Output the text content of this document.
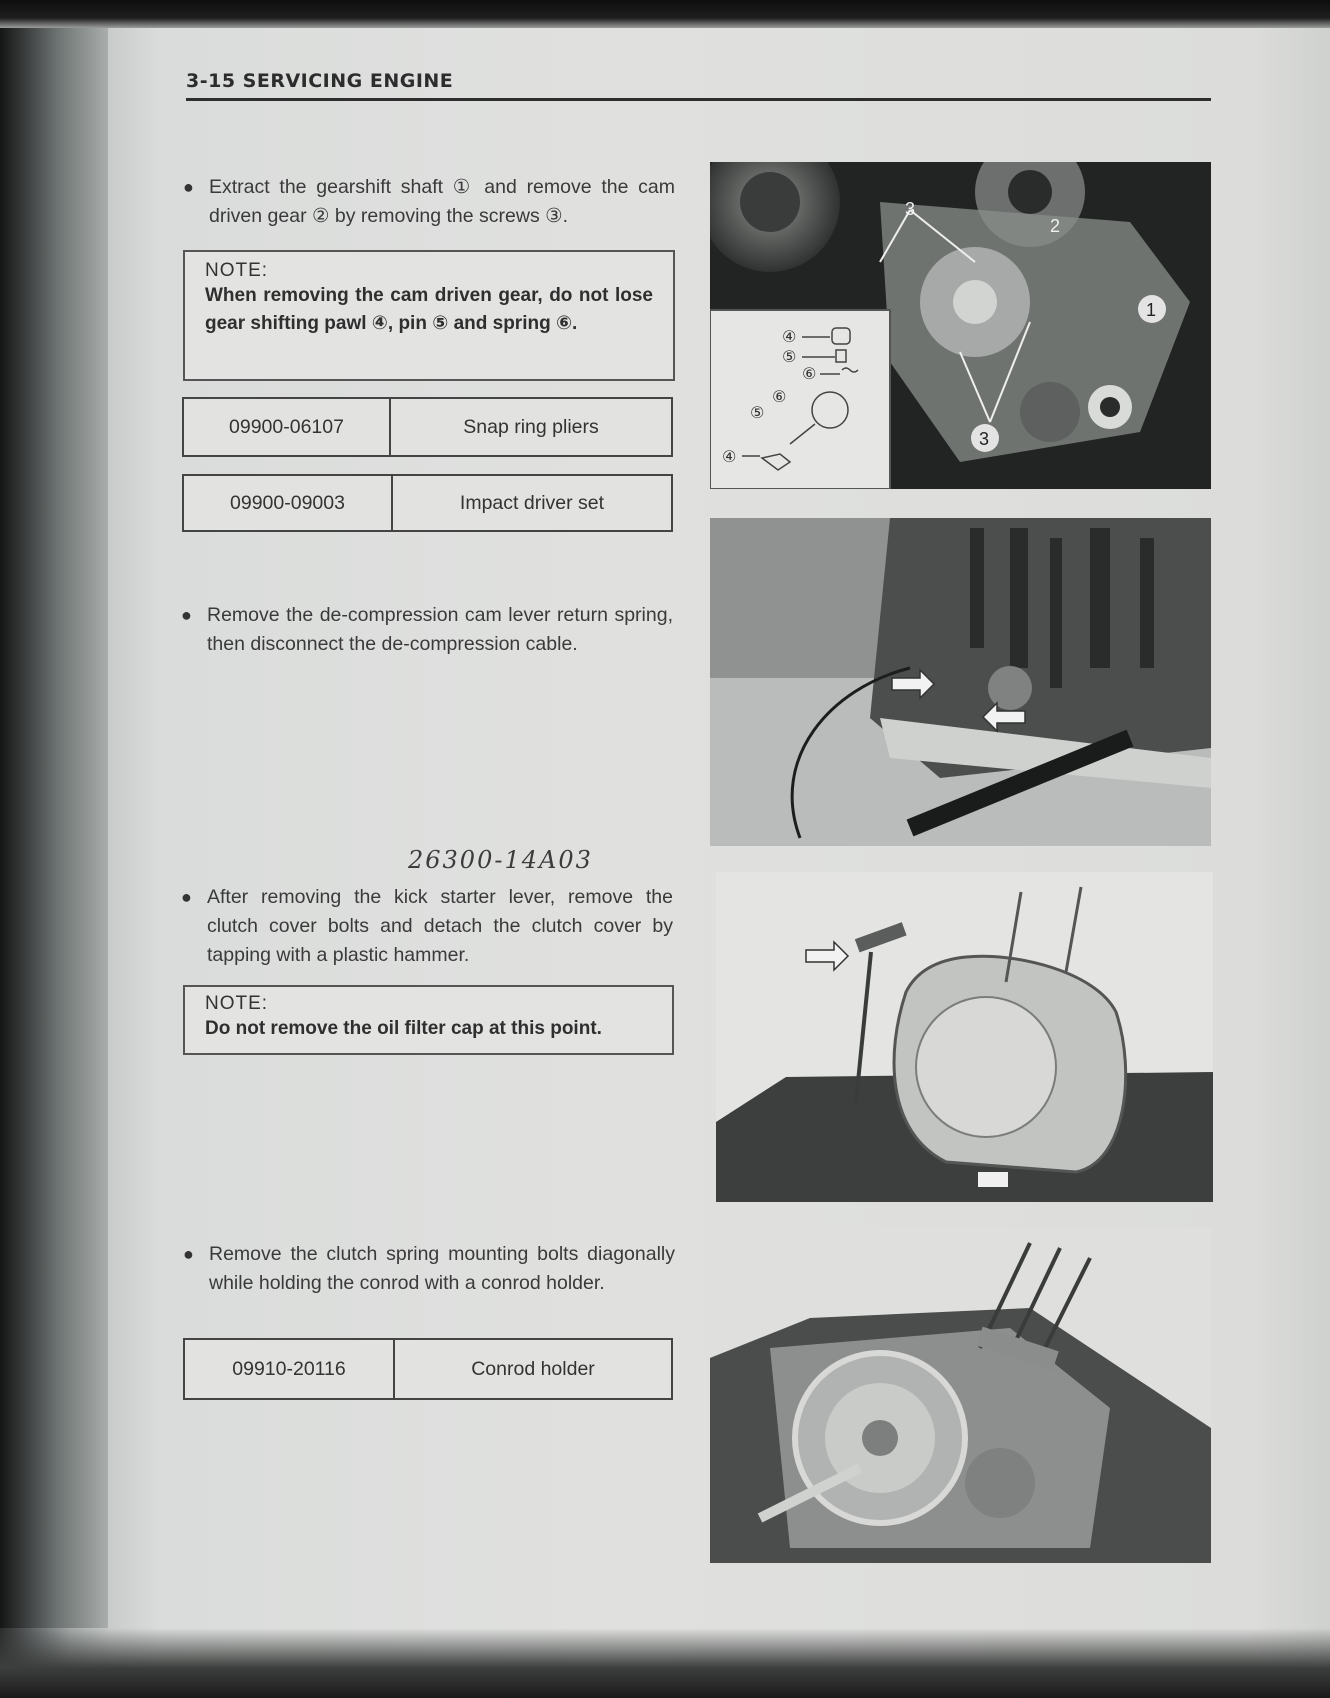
3-15 SERVICING ENGINE
● Extract the gearshift shaft ① and remove the cam driven gear ② by removing the screws ③.
NOTE:
When removing the cam driven gear, do not lose gear shifting pawl ④, pin ⑤ and spring ⑥.
09900-06107	Snap ring pliers
09900-09003	Impact driver set
● Remove the de-compression cam lever return spring, then disconnect the de-compression cable.
26300-14A03
● After removing the kick starter lever, remove the clutch cover bolts and detach the clutch cover by tapping with a plastic hammer.
NOTE:
Do not remove the oil filter cap at this point.
● Remove the clutch spring mounting bolts diagonally while holding the conrod with a conrod holder.
09910-20116	Conrod holder
3
2
1
3
④
⑤
⑥
⑥
⑤
④
